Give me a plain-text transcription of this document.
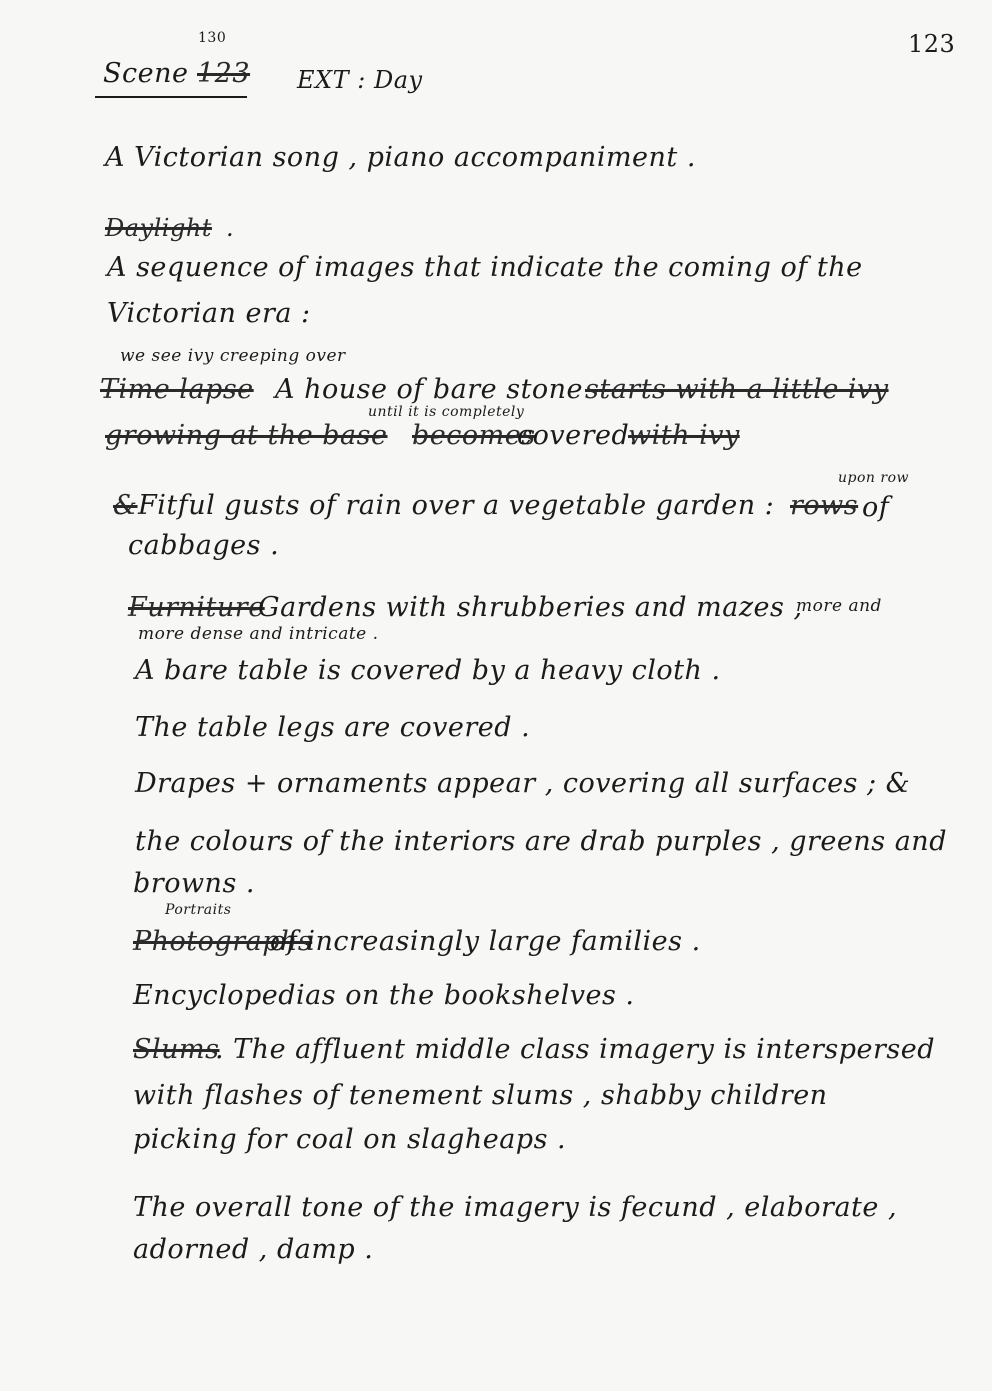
123
130
Scene 123 EXT : Day
A Victorian song , piano accompaniment .
Daylight .
A sequence of images that indicate the coming of the
Victorian era :
we see ivy creeping over
Time lapse A house of bare stone starts with a little ivy
until it is completely
growing at the base becomes
covered.
with ivy
& Fitful gusts of rain over a vegetable garden : rows
upon row
of
cabbages .
Furniture
Gardens with shrubberies and mazes ,
more and
more dense and intricate .
A bare table is covered by a heavy cloth .
The table legs are covered .
Drapes + ornaments appear , covering all surfaces ; &
the colours of the interiors are drab purples , greens and
browns .
Portraits
Photographs
of increasingly large families .
Encyclopedias on the bookshelves .
Slums
. The affluent middle class imagery is interspersed
with flashes of tenement slums , shabby children
picking for coal on slagheaps .
The overall tone of the imagery is fecund , elaborate ,
adorned , damp .
